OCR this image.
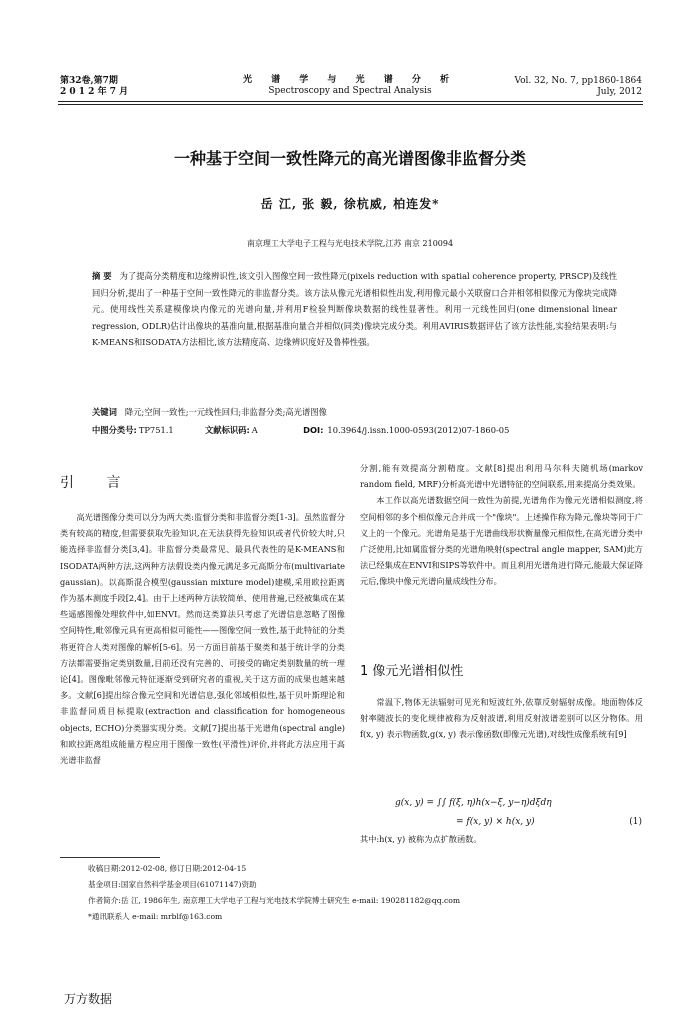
第32卷,第7期
2 0 1 2 年 7 月
光 谱 学 与 光 谱 分 析
Spectroscopy and Spectral Analysis
Vol. 32, No. 7, pp1860-1864
July, 2012
一种基于空间一致性降元的高光谱图像非监督分类
岳 江, 张 毅, 徐杭威, 柏连发*
南京理工大学电子工程与光电技术学院,江苏 南京 210094
摘 要 为了提高分类精度和边缘辨识性,该文引入图像空间一致性降元(pixels reduction with spatial coherence property, PRSCP)及线性回归分析,提出了一种基于空间一致性降元的非监督分类。该方法从像元光谱相似性出发,利用像元最小关联窗口合并相邻相似像元为像块完成降元。使用线性关系建模像块内像元的光谱向量,并利用F检验判断像块数据的线性显著性。利用一元线性回归(one dimensional linear regression, ODLR)估计出像块的基准向量,根据基准向量合并相似(同类)像块完成分类。利用AVIRIS数据评估了该方法性能,实验结果表明:与K-MEANS和ISODATA方法相比,该方法精度高、边缘辨识度好及鲁棒性强。
关键词 降元;空间一致性;一元线性回归;非监督分类;高光谱图像
中图分类号: TP751.1	文献标识码: A	DOI: 10.3964/j.issn.1000-0593(2012)07-1860-05
引 言

高光谱图像分类可以分为两大类:监督分类和非监督分类[1-3]。虽然监督分类有较高的精度,但需要获取先验知识,在无法获得先验知识或者代价较大时,只能选择非监督分类[3,4]。非监督分类最常见、最具代表性的是K-MEANS和ISODATA两种方法,这两种方法假设类内像元满足多元高斯分布(multivariate gaussian)。以高斯混合模型(gaussian mixture model)建模,采用欧拉距离作为基本测度手段[2,4]。由于上述两种方法较简单、使用普遍,已经被集成在某些遥感图像处理软件中,如ENVI。然而这类算法只考虑了光谱信息忽略了图像空间特性,毗邻像元具有更高相似可能性——图像空间一致性,基于此特征的分类将更符合人类对图像的解析[5-6]。另一方面目前基于聚类和基于统计学的分类方法都需要指定类别数量,目前还没有完善的、可接受的确定类别数量的统一理论[4]。图像毗邻像元特征逐渐受到研究者的重视,关于这方面的成果也越来越多。文献[6]提出综合像元空间和光谱信息,强化邻域相似性,基于贝叶斯理论和非监督同质目标提取(extraction and classification for homogeneous objects, ECHO)分类器实现分类。文献[7]提出基于光谱角(spectral angle)和欧拉距离组成能量方程应用于图像一致性(平滑性)评价,并将此方法应用于高光谱非监督

分割,能有效提高分割精度。文献[8]提出利用马尔科夫随机场(markov random field, MRF)分析高光谱中光谱特征的空间联系,用来提高分类效果。

本工作以高光谱数据空间一致性为前提,光谱角作为像元光谱相似测度,将空间相邻的多个相似像元合并成一个"像块"。上述操作称为降元,像块等同于广义上的一个像元。光谱角是基于光谱曲线形状衡量像元相似性,在高光谱分类中广泛使用,比如属监督分类的光谱角映射(spectral angle mapper, SAM)此方法已经集成在ENVI和SIPS等软件中。而且利用光谱角进行降元,能最大保证降元后,像块中像元光谱向量成线性分布。

1 像元光谱相似性

常温下,物体无法辐射可见光和短波红外,依靠反射辐射成像。地面物体反射率随波长的变化规律被称为反射波谱,利用反射波谱差别可以区分物体。用 f(x, y) 表示物函数,g(x, y) 表示像函数(即像元光谱),对线性成像系统有[9]

g(x, y) = ∫∫ f(ξ, η)h(x−ξ, y−η)dξdη
= f(x, y) × h(x, y)	(1)
其中:h(x, y) 被称为点扩散函数。
收稿日期:2012-02-08, 修订日期:2012-04-15
基金项目:国家自然科学基金项目(61071147)资助
作者简介:岳 江, 1986年生, 南京理工大学电子工程与光电技术学院博士研究生 e-mail: 190281182@qq.com
*通讯联系人 e-mail: mrblf@163.com
万方数据
